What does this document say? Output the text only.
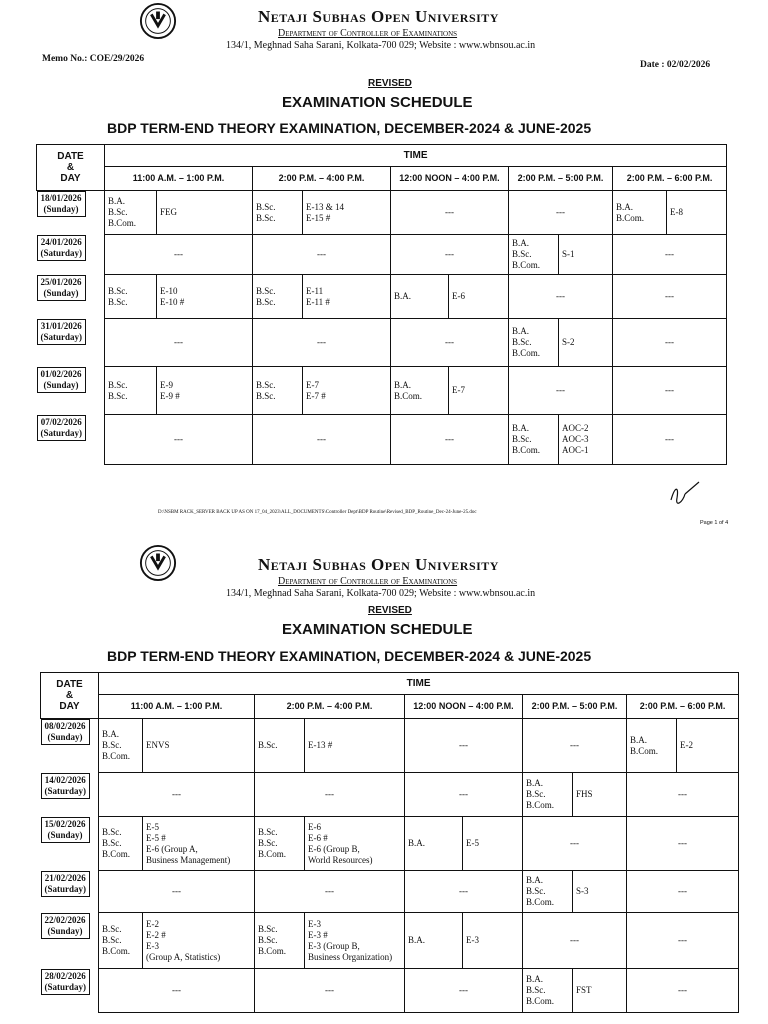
Netaji Subhas Open University
Department of Controller of Examinations
134/1, Meghnad Saha Sarani, Kolkata-700 029; Website : www.wbnsou.ac.in
Memo No.: COE/29/2026
Date : 02/02/2026
REVISED
EXAMINATION SCHEDULE
BDP TERM-END THEORY EXAMINATION, DECEMBER-2024 & JUNE-2025
DATE
&
DAY	TIME									
	11:00 A.M. – 1:00 P.M.		2:00 P.M. – 4:00 P.M.		12:00 NOON – 4:00 P.M.		2:00 P.M. – 5:00 P.M.		2:00 P.M. – 6:00 P.M.	

18/01/2026
(Sunday)
B.A.
B.Sc.
B.Com.	FEG	B.Sc.
B.Sc.	E-13 & 14
E-15 #	---		---		B.A.
B.Com.	E-8

24/01/2026
(Saturday)	---		---		---		B.A.
B.Sc.
B.Com.	S-1	---	

25/01/2026
(Sunday)	B.Sc.
B.Sc.	E-10
E-10 #	B.Sc.
B.Sc.	E-11
E-11 #	B.A.	E-6	---		---	

31/01/2026
(Saturday)
---		---		---		B.A.
B.Sc.
B.Com.	S-2	---	

01/02/2026
(Sunday)	B.Sc.
B.Sc.	E-9
E-9 #	B.Sc.
B.Sc.	E-7
E-7 #	B.A.
B.Com.	E-7	---		---	

07/02/2026
(Saturday)
---		---		---		B.A.
B.Sc.
B.Com.	AOC-2
AOC-3
AOC-1	---	
D:\NSBM RACK_SERVER BACK UP AS ON 17_04_2023\ALL_DOCUMENTS\Controller Dept\BDP Routine\Revised_BDP_Routine_Dec-24-June-25.doc
Page 1 of 4
Netaji Subhas Open University
Department of Controller of Examinations
134/1, Meghnad Saha Sarani, Kolkata-700 029; Website : www.wbnsou.ac.in
REVISED
EXAMINATION SCHEDULE
BDP TERM-END THEORY EXAMINATION, DECEMBER-2024 & JUNE-2025
DATE
&
DAY	TIME									
	11:00 A.M. – 1:00 P.M.		2:00 P.M. – 4:00 P.M.		12:00 NOON – 4:00 P.M.		2:00 P.M. – 5:00 P.M.		2:00 P.M. – 6:00 P.M.	

08/02/2026
(Sunday)	B.A.
B.Sc.
B.Com.	ENVS	B.Sc.	E-13 #	---		---		B.A.
B.Com.	E-2

14/02/2026
(Saturday)	---		---		---		B.A.
B.Sc.
B.Com.	FHS	---	

15/02/2026
(Sunday)	B.Sc.
B.Sc.
B.Com.	E-5
E-5 #
E-6 (Group A,
Business Management)	B.Sc.
B.Sc.
B.Com.	E-6
E-6 #
E-6 (Group B,
World Resources)	B.A.	E-5	---		---	

21/02/2026
(Saturday)	---		---		---		B.A.
B.Sc.
B.Com.	S-3	---	

22/02/2026
(Sunday)	B.Sc.
B.Sc.
B.Com.	E-2
E-2 #
E-3
(Group A, Statistics)	B.Sc.
B.Sc.
B.Com.	E-3
E-3 #
E-3 (Group B,
Business Organization)	B.A.	E-3	---		---	

28/02/2026
(Saturday)	---		---		---		B.A.
B.Sc.
B.Com.	FST	---	
